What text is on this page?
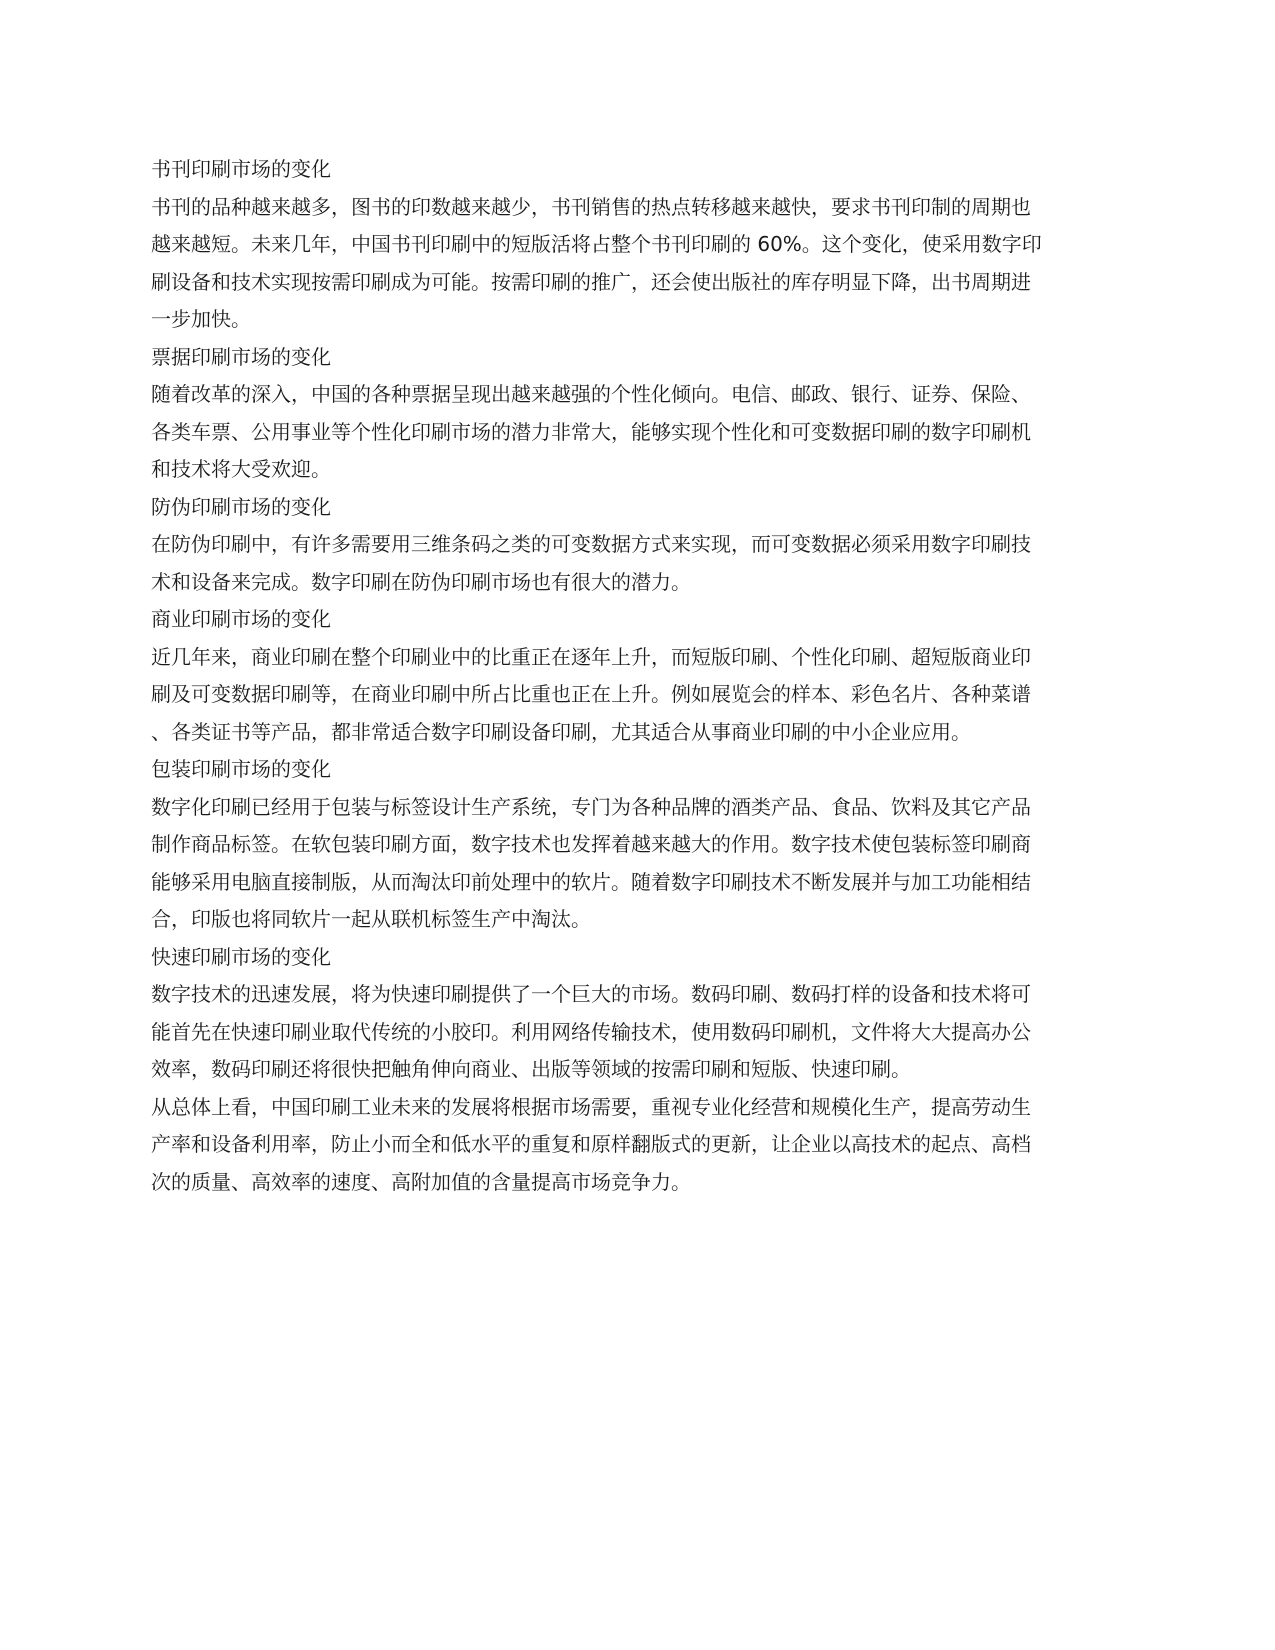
书刊印刷市场的变化
书刊的品种越来越多，图书的印数越来越少，书刊销售的热点转移越来越快，要求书刊印制的周期也
越来越短。未来几年，中国书刊印刷中的短版活将占整个书刊印刷的 60%。这个变化，使采用数字印
刷设备和技术实现按需印刷成为可能。按需印刷的推广，还会使出版社的库存明显下降，出书周期进
一步加快。
票据印刷市场的变化
随着改革的深入，中国的各种票据呈现出越来越强的个性化倾向。电信、邮政、银行、证券、保险、
各类车票、公用事业等个性化印刷市场的潜力非常大，能够实现个性化和可变数据印刷的数字印刷机
和技术将大受欢迎。
防伪印刷市场的变化
在防伪印刷中，有许多需要用三维条码之类的可变数据方式来实现，而可变数据必须采用数字印刷技
术和设备来完成。数字印刷在防伪印刷市场也有很大的潜力。
商业印刷市场的变化
近几年来，商业印刷在整个印刷业中的比重正在逐年上升，而短版印刷、个性化印刷、超短版商业印
刷及可变数据印刷等，在商业印刷中所占比重也正在上升。例如展览会的样本、彩色名片、各种菜谱
、各类证书等产品，都非常适合数字印刷设备印刷，尤其适合从事商业印刷的中小企业应用。
包装印刷市场的变化
数字化印刷已经用于包装与标签设计生产系统，专门为各种品牌的酒类产品、食品、饮料及其它产品
制作商品标签。在软包装印刷方面，数字技术也发挥着越来越大的作用。数字技术使包装标签印刷商
能够采用电脑直接制版，从而淘汰印前处理中的软片。随着数字印刷技术不断发展并与加工功能相结
合，印版也将同软片一起从联机标签生产中淘汰。
快速印刷市场的变化
数字技术的迅速发展，将为快速印刷提供了一个巨大的市场。数码印刷、数码打样的设备和技术将可
能首先在快速印刷业取代传统的小胶印。利用网络传输技术，使用数码印刷机，文件将大大提高办公
效率，数码印刷还将很快把触角伸向商业、出版等领域的按需印刷和短版、快速印刷。
从总体上看，中国印刷工业未来的发展将根据市场需要，重视专业化经营和规模化生产，提高劳动生
产率和设备利用率，防止小而全和低水平的重复和原样翻版式的更新，让企业以高技术的起点、高档
次的质量、高效率的速度、高附加值的含量提高市场竞争力。
